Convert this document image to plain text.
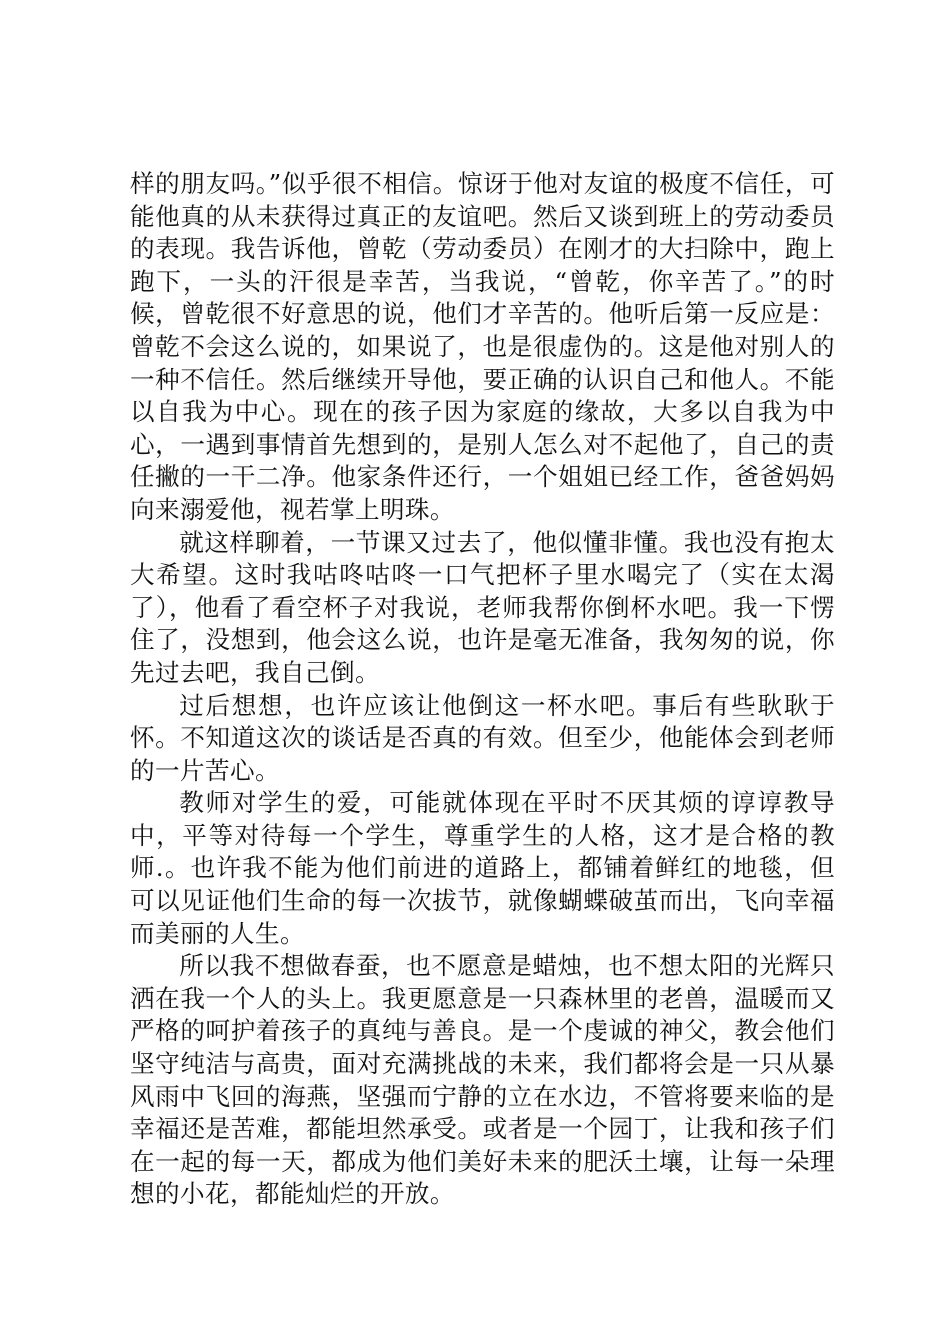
样的朋友吗。”似乎很不相信。惊讶于他对友谊的极度不信任，可能他真的从未获得过真正的友谊吧。然后又谈到班上的劳动委员的表现。我告诉他，曾乾（劳动委员）在刚才的大扫除中，跑上跑下，一头的汗很是幸苦，当我说，“曾乾，你辛苦了。”的时候，曾乾很不好意思的说，他们才辛苦的。他听后第一反应是：曾乾不会这么说的，如果说了，也是很虚伪的。这是他对别人的一种不信任。然后继续开导他，要正确的认识自己和他人。不能以自我为中心。现在的孩子因为家庭的缘故，大多以自我为中心，一遇到事情首先想到的，是别人怎么对不起他了，自己的责任撇的一干二净。他家条件还行，一个姐姐已经工作，爸爸妈妈向来溺爱他，视若掌上明珠。

就这样聊着，一节课又过去了，他似懂非懂。我也没有抱太大希望。这时我咕咚咕咚一口气把杯子里水喝完了（实在太渴了），他看了看空杯子对我说，老师我帮你倒杯水吧。我一下愣住了，没想到，他会这么说，也许是毫无准备，我匆匆的说，你先过去吧，我自己倒。

过后想想，也许应该让他倒这一杯水吧。事后有些耿耿于怀。不知道这次的谈话是否真的有效。但至少，他能体会到老师的一片苦心。

教师对学生的爱，可能就体现在平时不厌其烦的谆谆教导中，平等对待每一个学生，尊重学生的人格，这才是合格的教师.。也许我不能为他们前进的道路上，都铺着鲜红的地毯，但可以见证他们生命的每一次拔节，就像蝴蝶破茧而出，飞向幸福而美丽的人生。

所以我不想做春蚕，也不愿意是蜡烛，也不想太阳的光辉只洒在我一个人的头上。我更愿意是一只森林里的老兽，温暖而又严格的呵护着孩子的真纯与善良。是一个虔诚的神父，教会他们坚守纯洁与高贵，面对充满挑战的未来，我们都将会是一只从暴风雨中飞回的海燕，坚强而宁静的立在水边，不管将要来临的是幸福还是苦难，都能坦然承受。或者是一个园丁，让我和孩子们在一起的每一天，都成为他们美好未来的肥沃土壤，让每一朵理想的小花，都能灿烂的开放。
